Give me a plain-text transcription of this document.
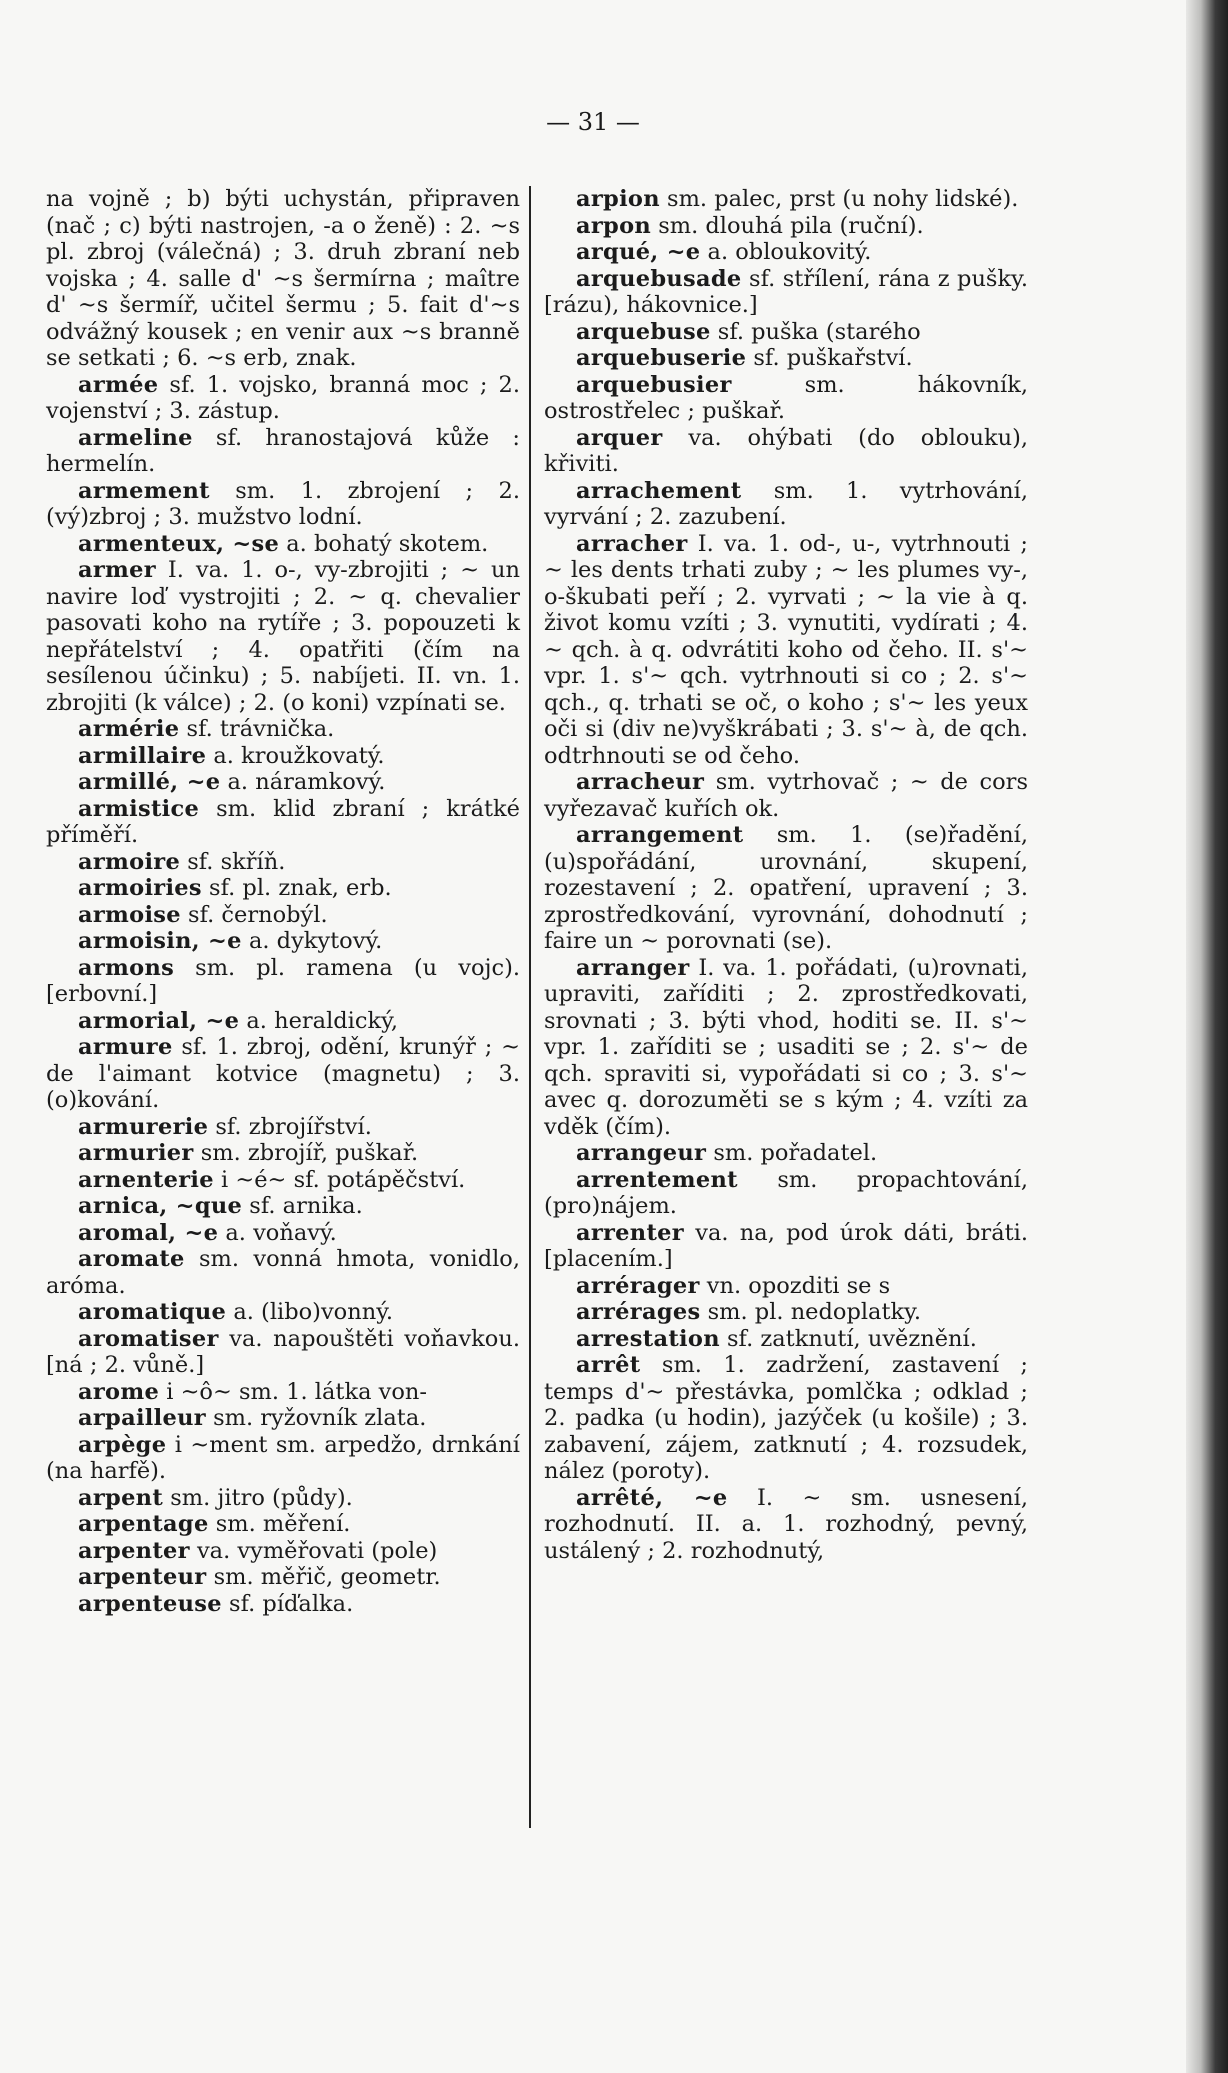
— 31 —

na vojně ; b) býti uchystán, připraven (nač ; c) býti nastrojen, -a o ženě) : 2. ~s pl. zbroj (válečná) ; 3. druh zbraní neb vojska ; 4. salle d' ~s šermírna ; maître d' ~s šermíř, učitel šermu ; 5. fait d'~s odvážný kousek ; en venir aux ~s branně se setkati ; 6. ~s erb, znak.

armée sf. 1. vojsko, branná moc ; 2. vojenství ; 3. zástup.

armeline sf. hranostajová kůže : hermelín.

armement sm. 1. zbrojení ; 2. (vý)zbroj ; 3. mužstvo lodní.

armenteux, ~se a. bohatý skotem.

armer I. va. 1. o-, vy-zbrojiti ; ~ un navire loď vystrojiti ; 2. ~ q. chevalier pasovati koho na rytíře ; 3. popouzeti k nepřátelství ; 4. opatřiti (čím na sesílenou účinku) ; 5. nabíjeti. II. vn. 1. zbrojiti (k válce) ; 2. (o koni) vzpínati se.

armérie sf. trávnička.

armillaire a. kroužkovatý.

armillé, ~e a. náramkový.

armistice sm. klid zbraní ; krátké příměří.

armoire sf. skříň.

armoiries sf. pl. znak, erb.

armoise sf. černobýl.

armoisin, ~e a. dykytový.

armons sm. pl. ramena (u vojc). [erbovní.]

armorial, ~e a. heraldický,

armure sf. 1. zbroj, odění, krunýř ; ~ de l'aimant kotvice (magnetu) ; 3. (o)kování.

armurerie sf. zbrojířství.

armurier sm. zbrojíř, puškař.

arnenterie i ~é~ sf. potápěčství.

arnica, ~que sf. arnika.

aromal, ~e a. voňavý.

aromate sm. vonná hmota, vonidlo, aróma.

aromatique a. (libo)vonný.

aromatiser va. napouštěti voňavkou. [ná ; 2. vůně.]

arome i ~ô~ sm. 1. látka von-

arpailleur sm. ryžovník zlata.

arpège i ~ment sm. arpedžo, drnkání (na harfě).

arpent sm. jitro (půdy).

arpentage sm. měření.

arpenter va. vyměřovati (pole)

arpenteur sm. měřič, geometr.

arpenteuse sf. píďalka.

arpion sm. palec, prst (u nohy lidské).

arpon sm. dlouhá pila (ruční).

arqué, ~e a. obloukovitý.

arquebusade sf. střílení, rána z pušky. [rázu), hákovnice.]

arquebuse sf. puška (starého

arquebuserie sf. puškařství.

arquebusier sm. hákovník, ostrostřelec ; puškař.

arquer va. ohýbati (do oblouku), křiviti.

arrachement sm. 1. vytrhování, vyrvání ; 2. zazubení.

arracher I. va. 1. od-, u-, vytrhnouti ; ~ les dents trhati zuby ; ~ les plumes vy-, o-škubati peří ; 2. vyrvati ; ~ la vie à q. život komu vzíti ; 3. vynutiti, vydírati ; 4. ~ qch. à q. odvrátiti koho od čeho. II. s'~ vpr. 1. s'~ qch. vytrhnouti si co ; 2. s'~ qch., q. trhati se oč, o koho ; s'~ les yeux oči si (div ne)vyškrábati ; 3. s'~ à, de qch. odtrhnouti se od čeho.

arracheur sm. vytrhovač ; ~ de cors vyřezavač kuřích ok.

arrangement sm. 1. (se)řadění, (u)spořádání, urovnání, skupení, rozestavení ; 2. opatření, upravení ; 3. zprostředkování, vyrovnání, dohodnutí ; faire un ~ porovnati (se).

arranger I. va. 1. pořádati, (u)rovnati, upraviti, zaříditi ; 2. zprostředkovati, srovnati ; 3. býti vhod, hoditi se. II. s'~ vpr. 1. zaříditi se ; usaditi se ; 2. s'~ de qch. spraviti si, vypořádati si co ; 3. s'~ avec q. dorozuměti se s kým ; 4. vzíti za vděk (čím).

arrangeur sm. pořadatel.

arrentement sm. propachtování, (pro)nájem.

arrenter va. na, pod úrok dáti, bráti. [placením.]

arrérager vn. opozditi se s

arrérages sm. pl. nedoplatky.

arrestation sf. zatknutí, uvěznění.

arrêt sm. 1. zadržení, zastavení ; temps d'~ přestávka, pomlčka ; odklad ; 2. padka (u hodin), jazýček (u košile) ; 3. zabavení, zájem, zatknutí ; 4. rozsudek, nález (poroty).

arrêté, ~e I. ~ sm. usnesení, rozhodnutí. II. a. 1. rozhodný, pevný, ustálený ; 2. rozhodnutý,
